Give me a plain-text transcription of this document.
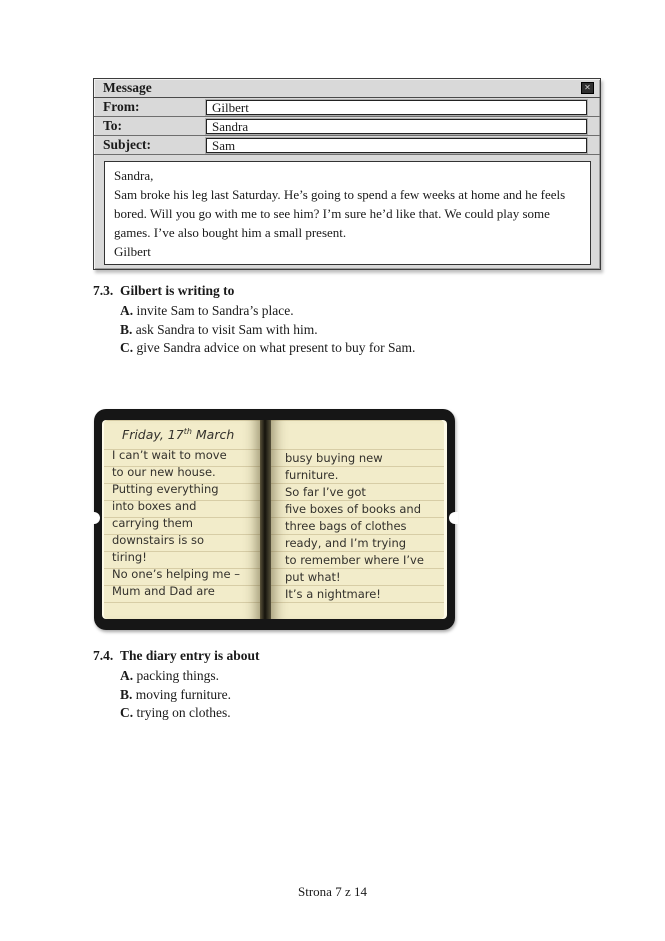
Message	✕
From:	Gilbert
To:	Sandra
Subject:	Sam
Sandra,
Sam broke his leg last Saturday. He’s going to spend a few weeks at home and he feels bored. Will you go with me to see him? I’m sure he’d like that. We could play some games. I’ve also bought him a small present.
Gilbert
7.3. Gilbert is writing to
A. invite Sam to Sandra’s place.
B. ask Sandra to visit Sam with him.
C. give Sandra advice on what present to buy for Sam.
Friday, 17th March
I can’t wait to move
to our new house.
Putting everything
into boxes and
carrying them
downstairs is so
tiring!
No one’s helping me –
Mum and Dad are
busy buying new
furniture.
So far I’ve got
five boxes of books and
three bags of clothes
ready, and I’m trying
to remember where I’ve
put what!
It’s a nightmare!
7.4. The diary entry is about
A. packing things.
B. moving furniture.
C. trying on clothes.
Strona 7 z 14
